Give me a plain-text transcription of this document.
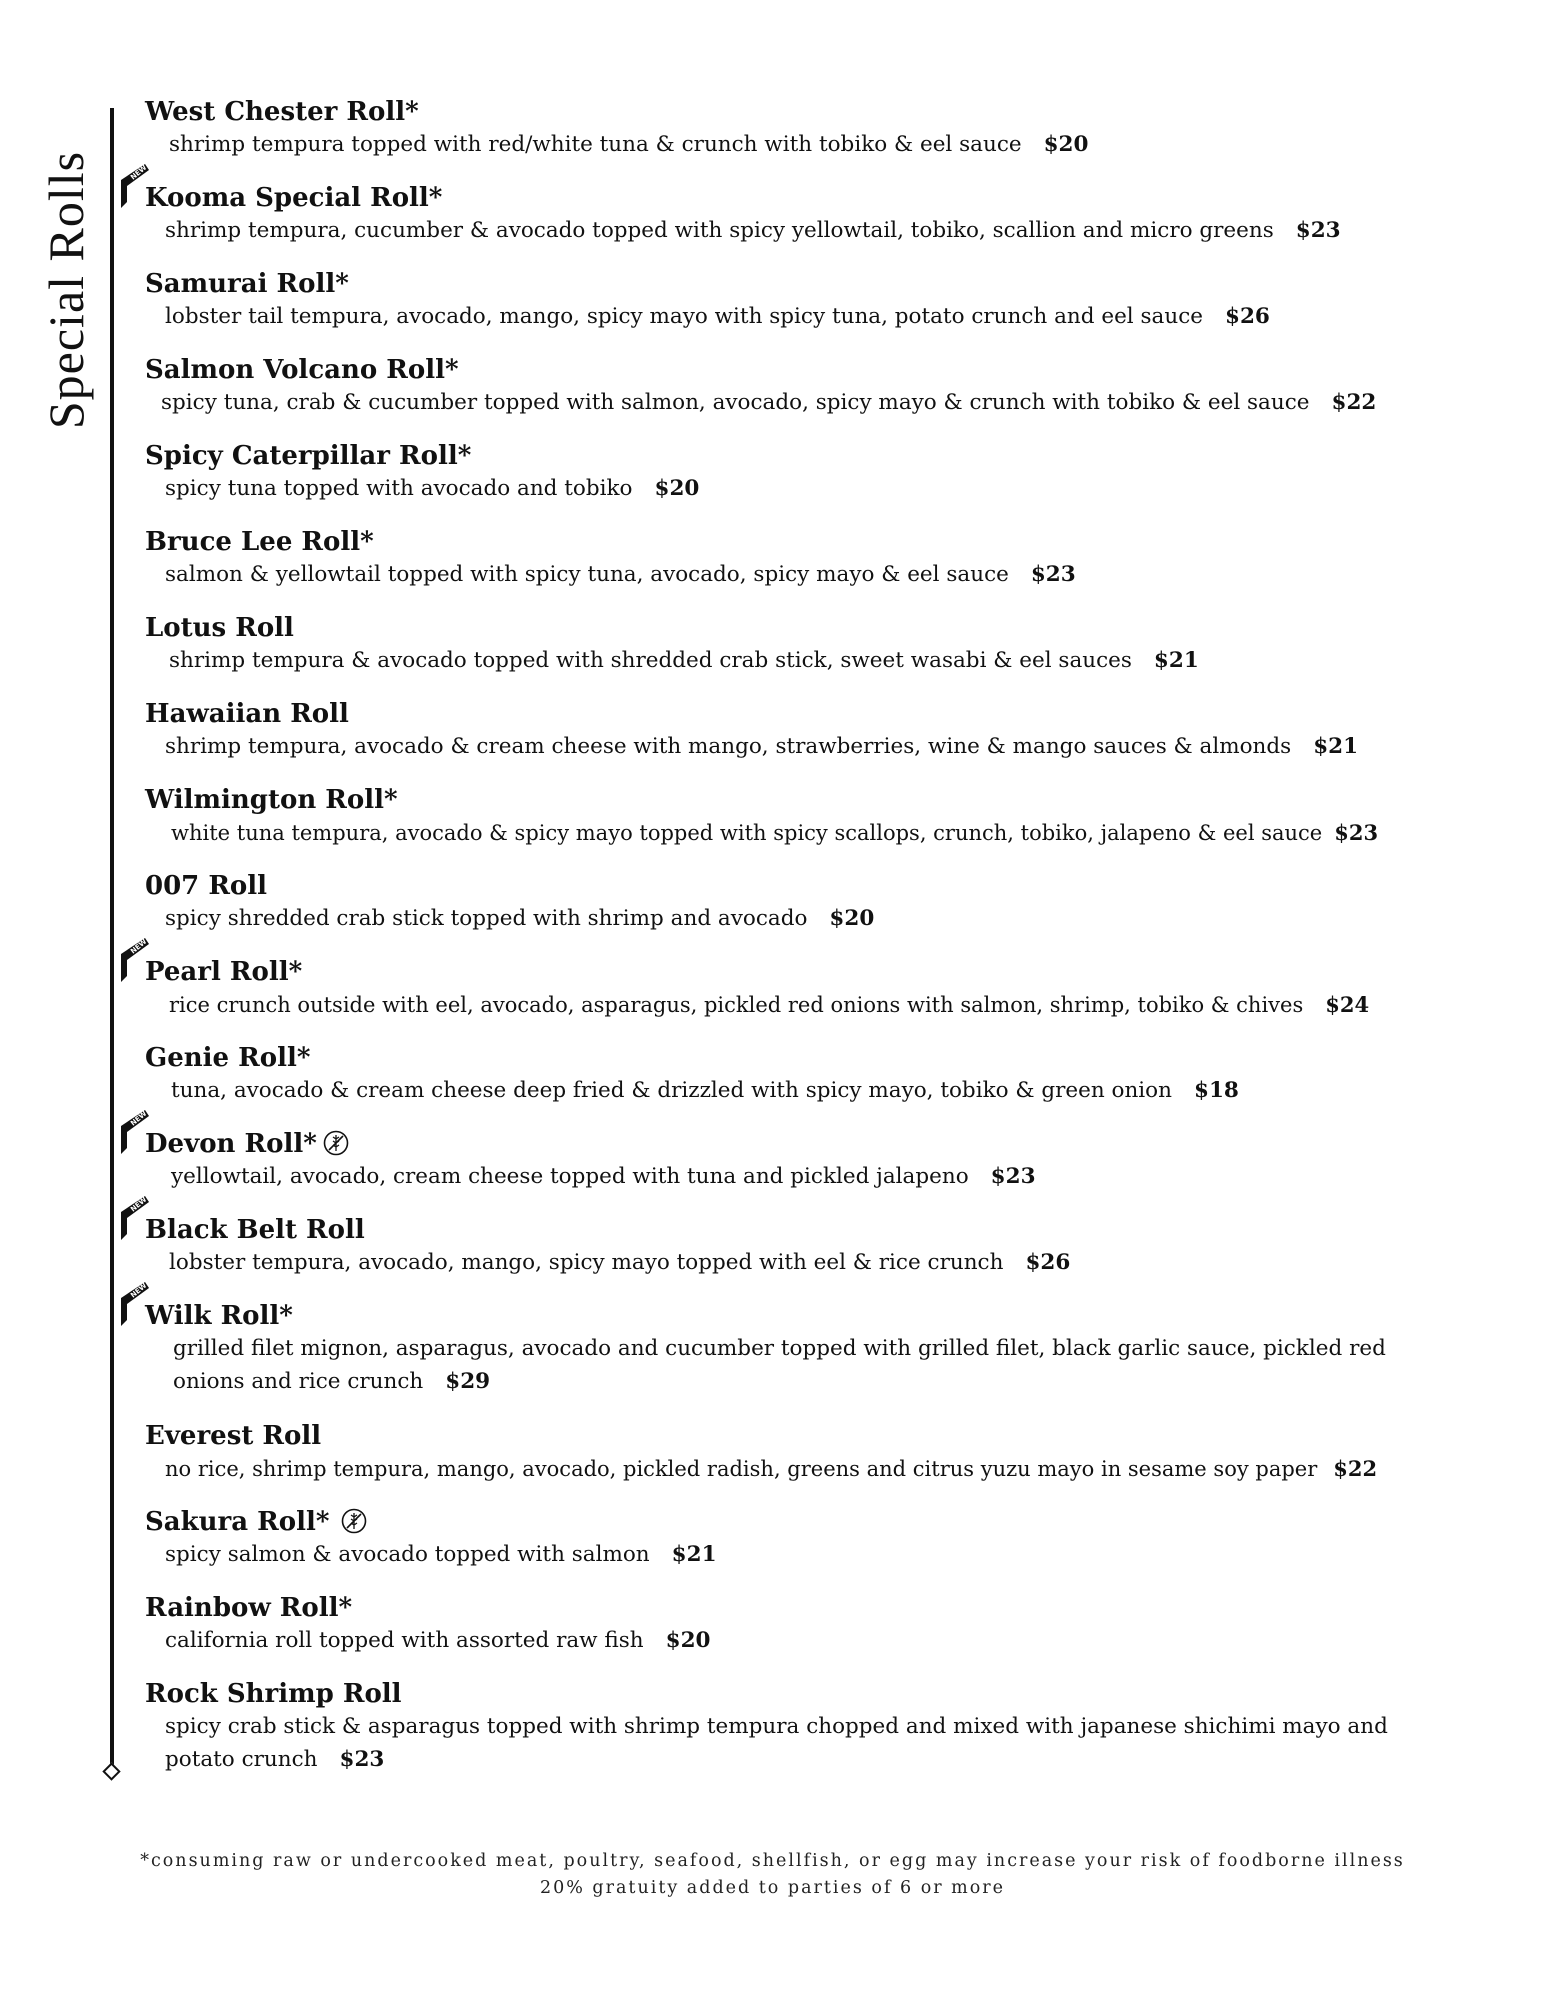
Special Rolls
West Chester Roll*
shrimp tempura topped with red/white tuna & crunch with tobiko & eel sauce $20
NEW
Kooma Special Roll*
shrimp tempura, cucumber & avocado topped with spicy yellowtail, tobiko, scallion and micro greens $23
Samurai Roll*
lobster tail tempura, avocado, mango, spicy mayo with spicy tuna, potato crunch and eel sauce $26
Salmon Volcano Roll*
spicy tuna, crab & cucumber topped with salmon, avocado, spicy mayo & crunch with tobiko & eel sauce $22
Spicy Caterpillar Roll*
spicy tuna topped with avocado and tobiko $20
Bruce Lee Roll*
salmon & yellowtail topped with spicy tuna, avocado, spicy mayo & eel sauce $23
Lotus Roll
shrimp tempura & avocado topped with shredded crab stick, sweet wasabi & eel sauces $21
Hawaiian Roll
shrimp tempura, avocado & cream cheese with mango, strawberries, wine & mango sauces & almonds $21
Wilmington Roll*
white tuna tempura, avocado & spicy mayo topped with spicy scallops, crunch, tobiko, jalapeno & eel sauce $23
007 Roll
spicy shredded crab stick topped with shrimp and avocado $20
NEW
Pearl Roll*
rice crunch outside with eel, avocado, asparagus, pickled red onions with salmon, shrimp, tobiko & chives $24
Genie Roll*
tuna, avocado & cream cheese deep fried & drizzled with spicy mayo, tobiko & green onion $18
NEW
Devon Roll*
yellowtail, avocado, cream cheese topped with tuna and pickled jalapeno $23
NEW
Black Belt Roll
lobster tempura, avocado, mango, spicy mayo topped with eel & rice crunch $26
NEW
Wilk Roll*
grilled filet mignon, asparagus, avocado and cucumber topped with grilled filet, black garlic sauce, pickled red onions and rice crunch $29
Everest Roll
no rice, shrimp tempura, mango, avocado, pickled radish, greens and citrus yuzu mayo in sesame soy paper $22
Sakura Roll*
spicy salmon & avocado topped with salmon $21
Rainbow Roll*
california roll topped with assorted raw fish $20
Rock Shrimp Roll
spicy crab stick & asparagus topped with shrimp tempura chopped and mixed with japanese shichimi mayo and potato crunch $23
*consuming raw or undercooked meat, poultry, seafood, shellfish, or egg may increase your risk of foodborne illness
20% gratuity added to parties of 6 or more
